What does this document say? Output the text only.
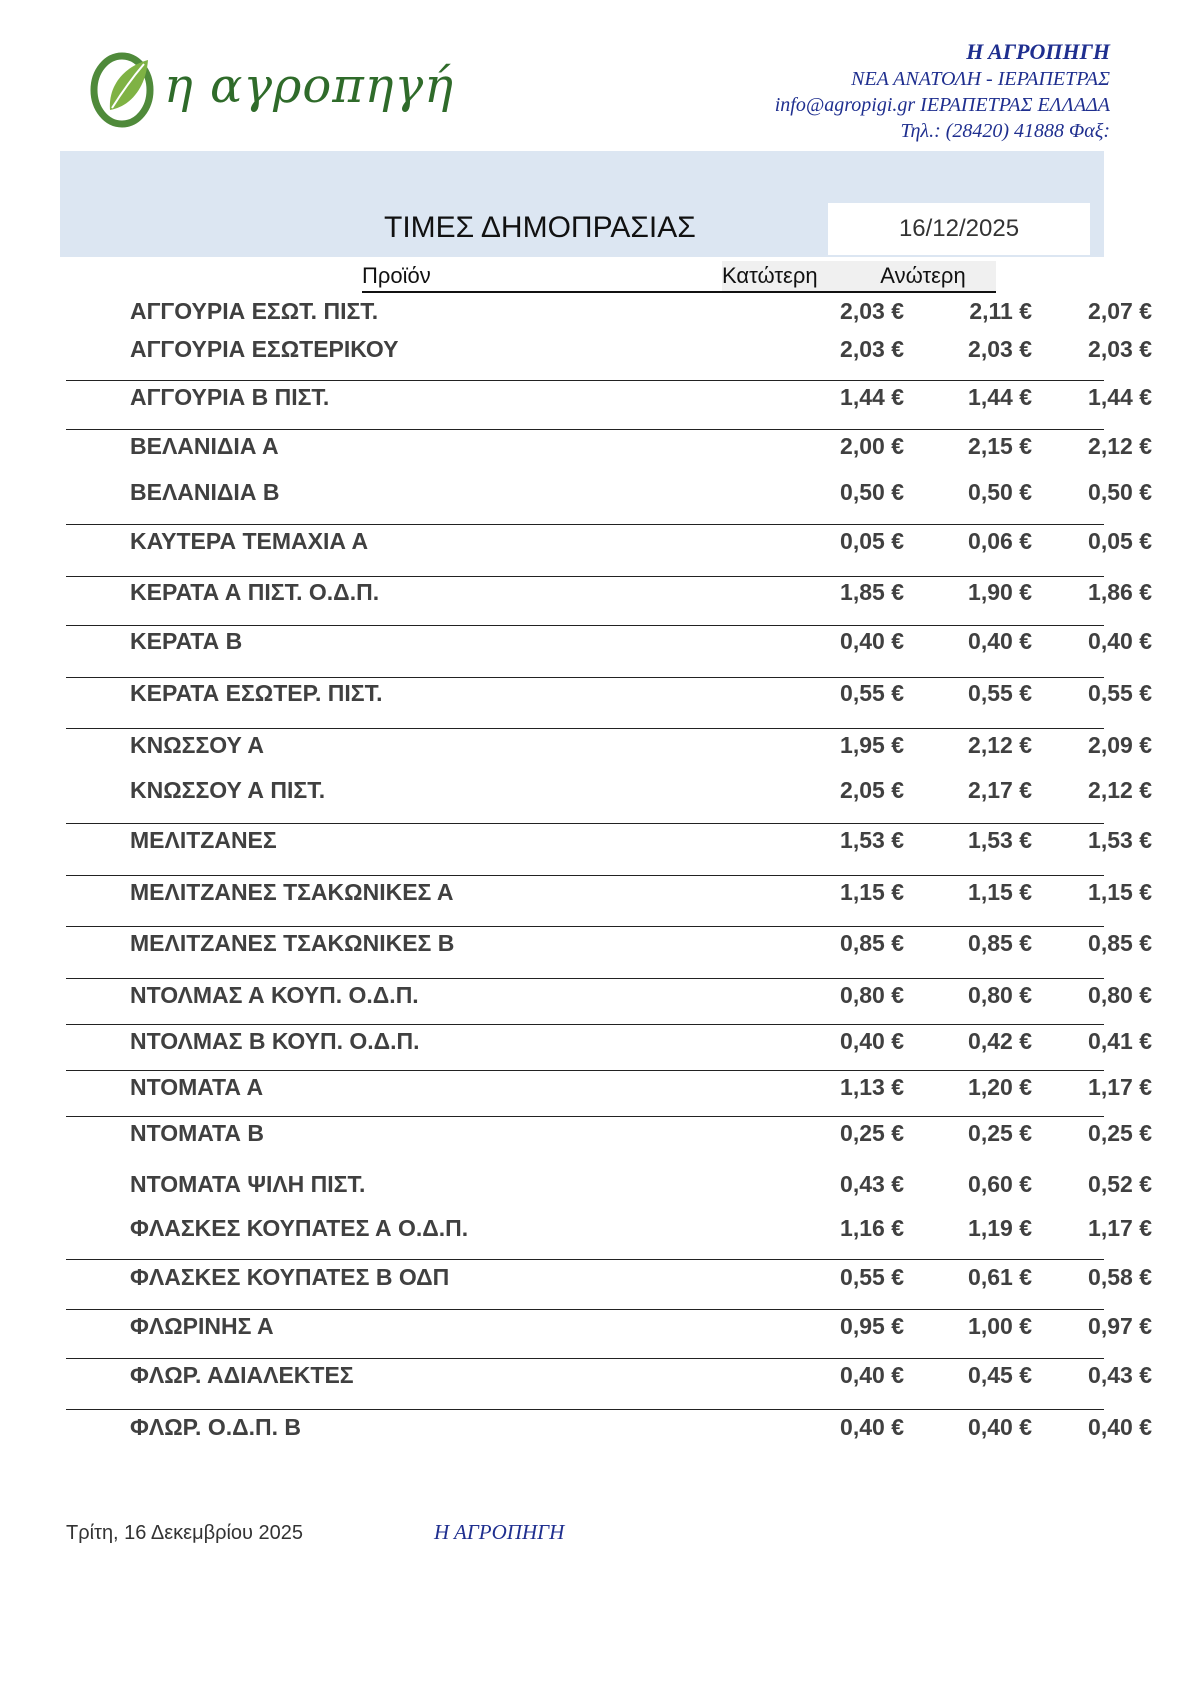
η αγροπηγή
Η ΑΓΡΟΠΗΓΗ
ΝΕΑ ΑΝΑΤΟΛΗ - ΙΕΡΑΠΕΤΡΑΣ
info@agropigi.gr ΙΕΡΑΠΕΤΡΑΣ ΕΛΛΑΔΑ
Τηλ.: (28420) 41888 Φαξ:
ΤΙΜΕΣ ΔΗΜΟΠΡΑΣΙΑΣ	16/12/2025
Προϊόν	Κατώτερη	Ανώτερη
ΑΓΓΟΥΡΙΑ ΕΣΩΤ. ΠΙΣΤ.	2,03 €	2,11 €	2,07 €
ΑΓΓΟΥΡΙΑ ΕΣΩΤΕΡΙΚΟΥ	2,03 €	2,03 €	2,03 €
ΑΓΓΟΥΡΙΑ Β ΠΙΣΤ.	1,44 €	1,44 €	1,44 €
ΒΕΛΑΝΙΔΙΑ Α	2,00 €	2,15 €	2,12 €
ΒΕΛΑΝΙΔΙΑ Β	0,50 €	0,50 €	0,50 €
ΚΑΥΤΕΡΑ ΤΕΜΑΧΙΑ Α	0,05 €	0,06 €	0,05 €
ΚΕΡΑΤΑ Α ΠΙΣΤ. Ο.Δ.Π.	1,85 €	1,90 €	1,86 €
ΚΕΡΑΤΑ Β	0,40 €	0,40 €	0,40 €
ΚΕΡΑΤΑ ΕΣΩΤΕΡ. ΠΙΣΤ.	0,55 €	0,55 €	0,55 €
ΚΝΩΣΣΟΥ Α	1,95 €	2,12 €	2,09 €
ΚΝΩΣΣΟΥ Α ΠΙΣΤ.	2,05 €	2,17 €	2,12 €
ΜΕΛΙΤΖΑΝΕΣ	1,53 €	1,53 €	1,53 €
ΜΕΛΙΤΖΑΝΕΣ ΤΣΑΚΩΝΙΚΕΣ Α	1,15 €	1,15 €	1,15 €
ΜΕΛΙΤΖΑΝΕΣ ΤΣΑΚΩΝΙΚΕΣ Β	0,85 €	0,85 €	0,85 €
ΝΤΟΛΜΑΣ Α ΚΟΥΠ. Ο.Δ.Π.	0,80 €	0,80 €	0,80 €
ΝΤΟΛΜΑΣ Β ΚΟΥΠ. Ο.Δ.Π.	0,40 €	0,42 €	0,41 €
ΝΤΟΜΑΤΑ Α	1,13 €	1,20 €	1,17 €
ΝΤΟΜΑΤΑ Β	0,25 €	0,25 €	0,25 €
ΝΤΟΜΑΤΑ ΨΙΛΗ ΠΙΣΤ.	0,43 €	0,60 €	0,52 €
ΦΛΑΣΚΕΣ ΚΟΥΠΑΤΕΣ Α Ο.Δ.Π.	1,16 €	1,19 €	1,17 €
ΦΛΑΣΚΕΣ ΚΟΥΠΑΤΕΣ Β ΟΔΠ	0,55 €	0,61 €	0,58 €
ΦΛΩΡΙΝΗΣ Α	0,95 €	1,00 €	0,97 €
ΦΛΩΡ. ΑΔΙΑΛΕΚΤΕΣ	0,40 €	0,45 €	0,43 €
ΦΛΩΡ. Ο.Δ.Π. Β	0,40 €	0,40 €	0,40 €
Τρίτη, 16 Δεκεμβρίου 2025	Η ΑΓΡΟΠΗΓΗ
